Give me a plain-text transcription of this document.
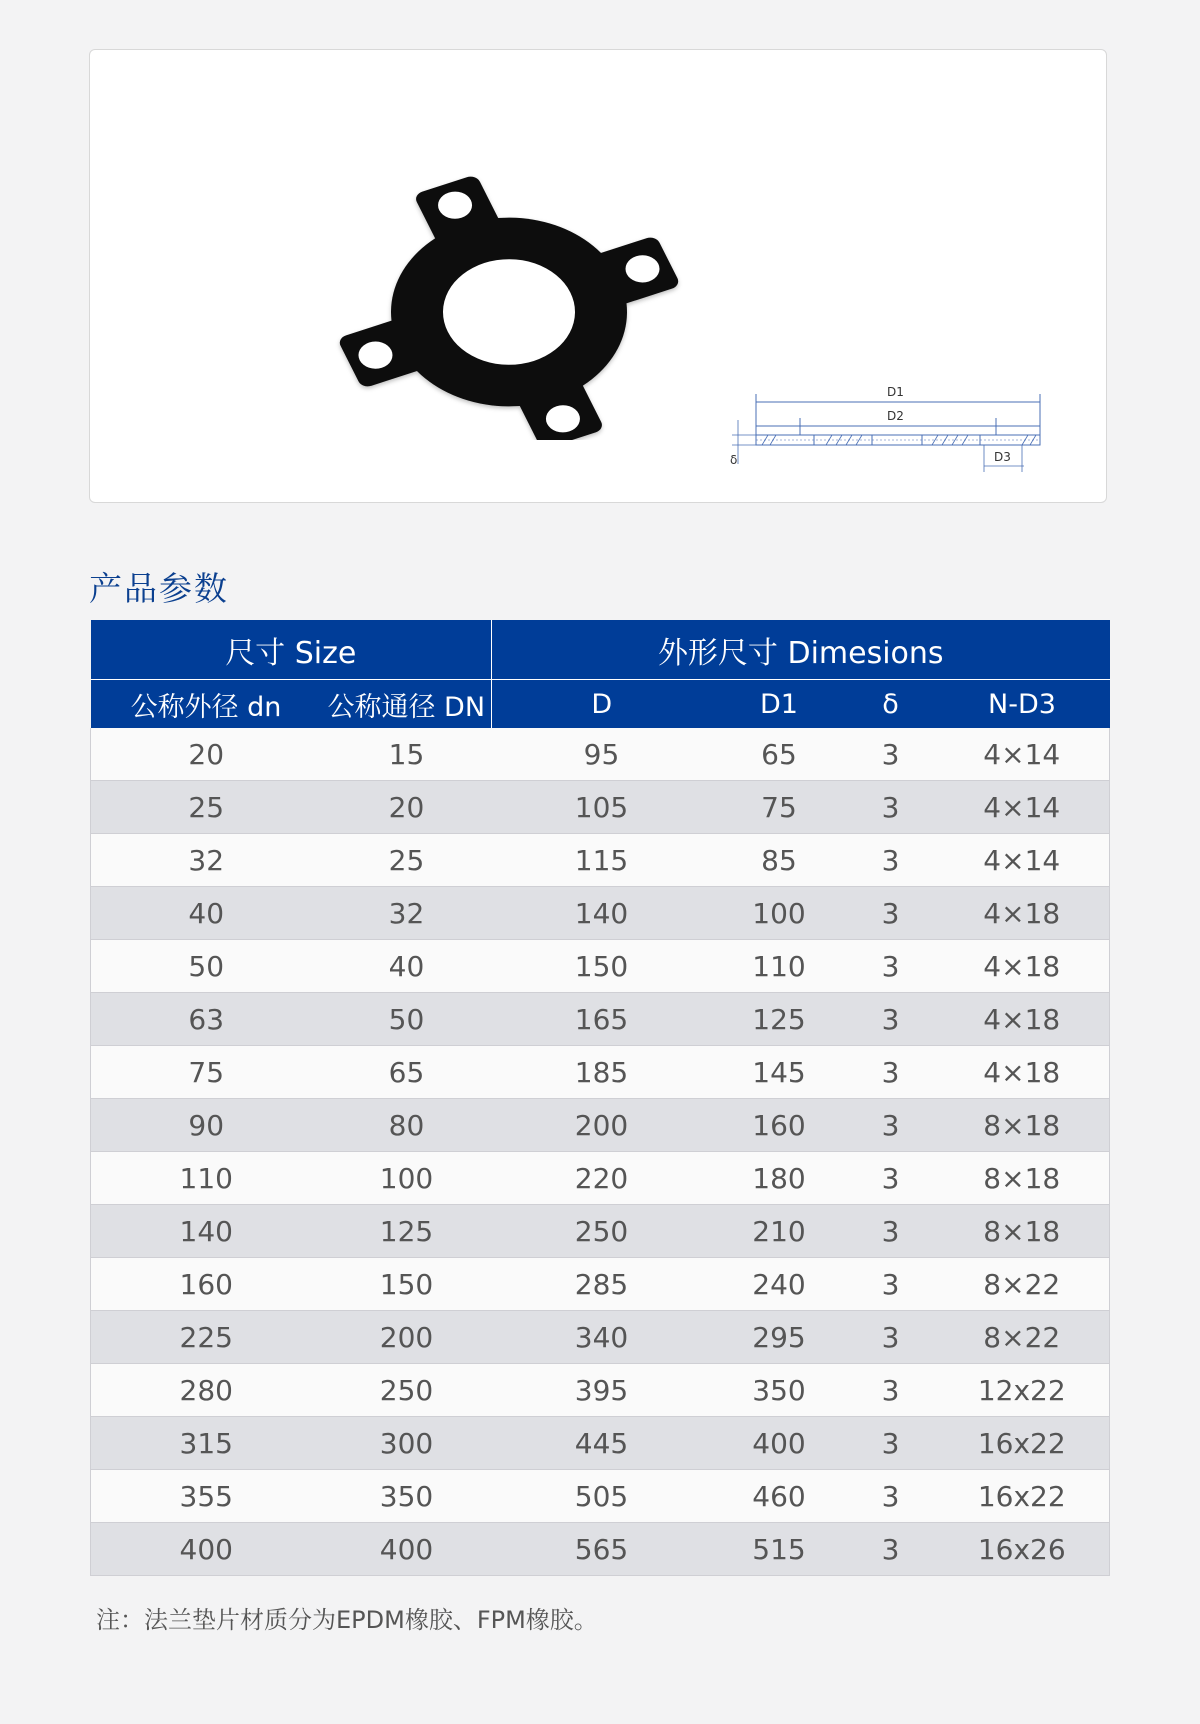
D1
D2
δ	D3
产品参数
尺寸 Size		外形尺寸 Dimesions			
公称外径 dn	公称通径 DN	D	D1	δ	N-D3
20	15	95	65	3	4×14
25	20	105	75	3	4×14
32	25	115	85	3	4×14
40	32	140	100	3	4×18
50	40	150	110	3	4×18
63	50	165	125	3	4×18
75	65	185	145	3	4×18
90	80	200	160	3	8×18
110	100	220	180	3	8×18
140	125	250	210	3	8×18
160	150	285	240	3	8×22
225	200	340	295	3	8×22
280	250	395	350	3	12x22
315	300	445	400	3	16x22
355	350	505	460	3	16x22
400	400	565	515	3	16x26

注：法兰垫片材质分为EPDM橡胶、FPM橡胶。
